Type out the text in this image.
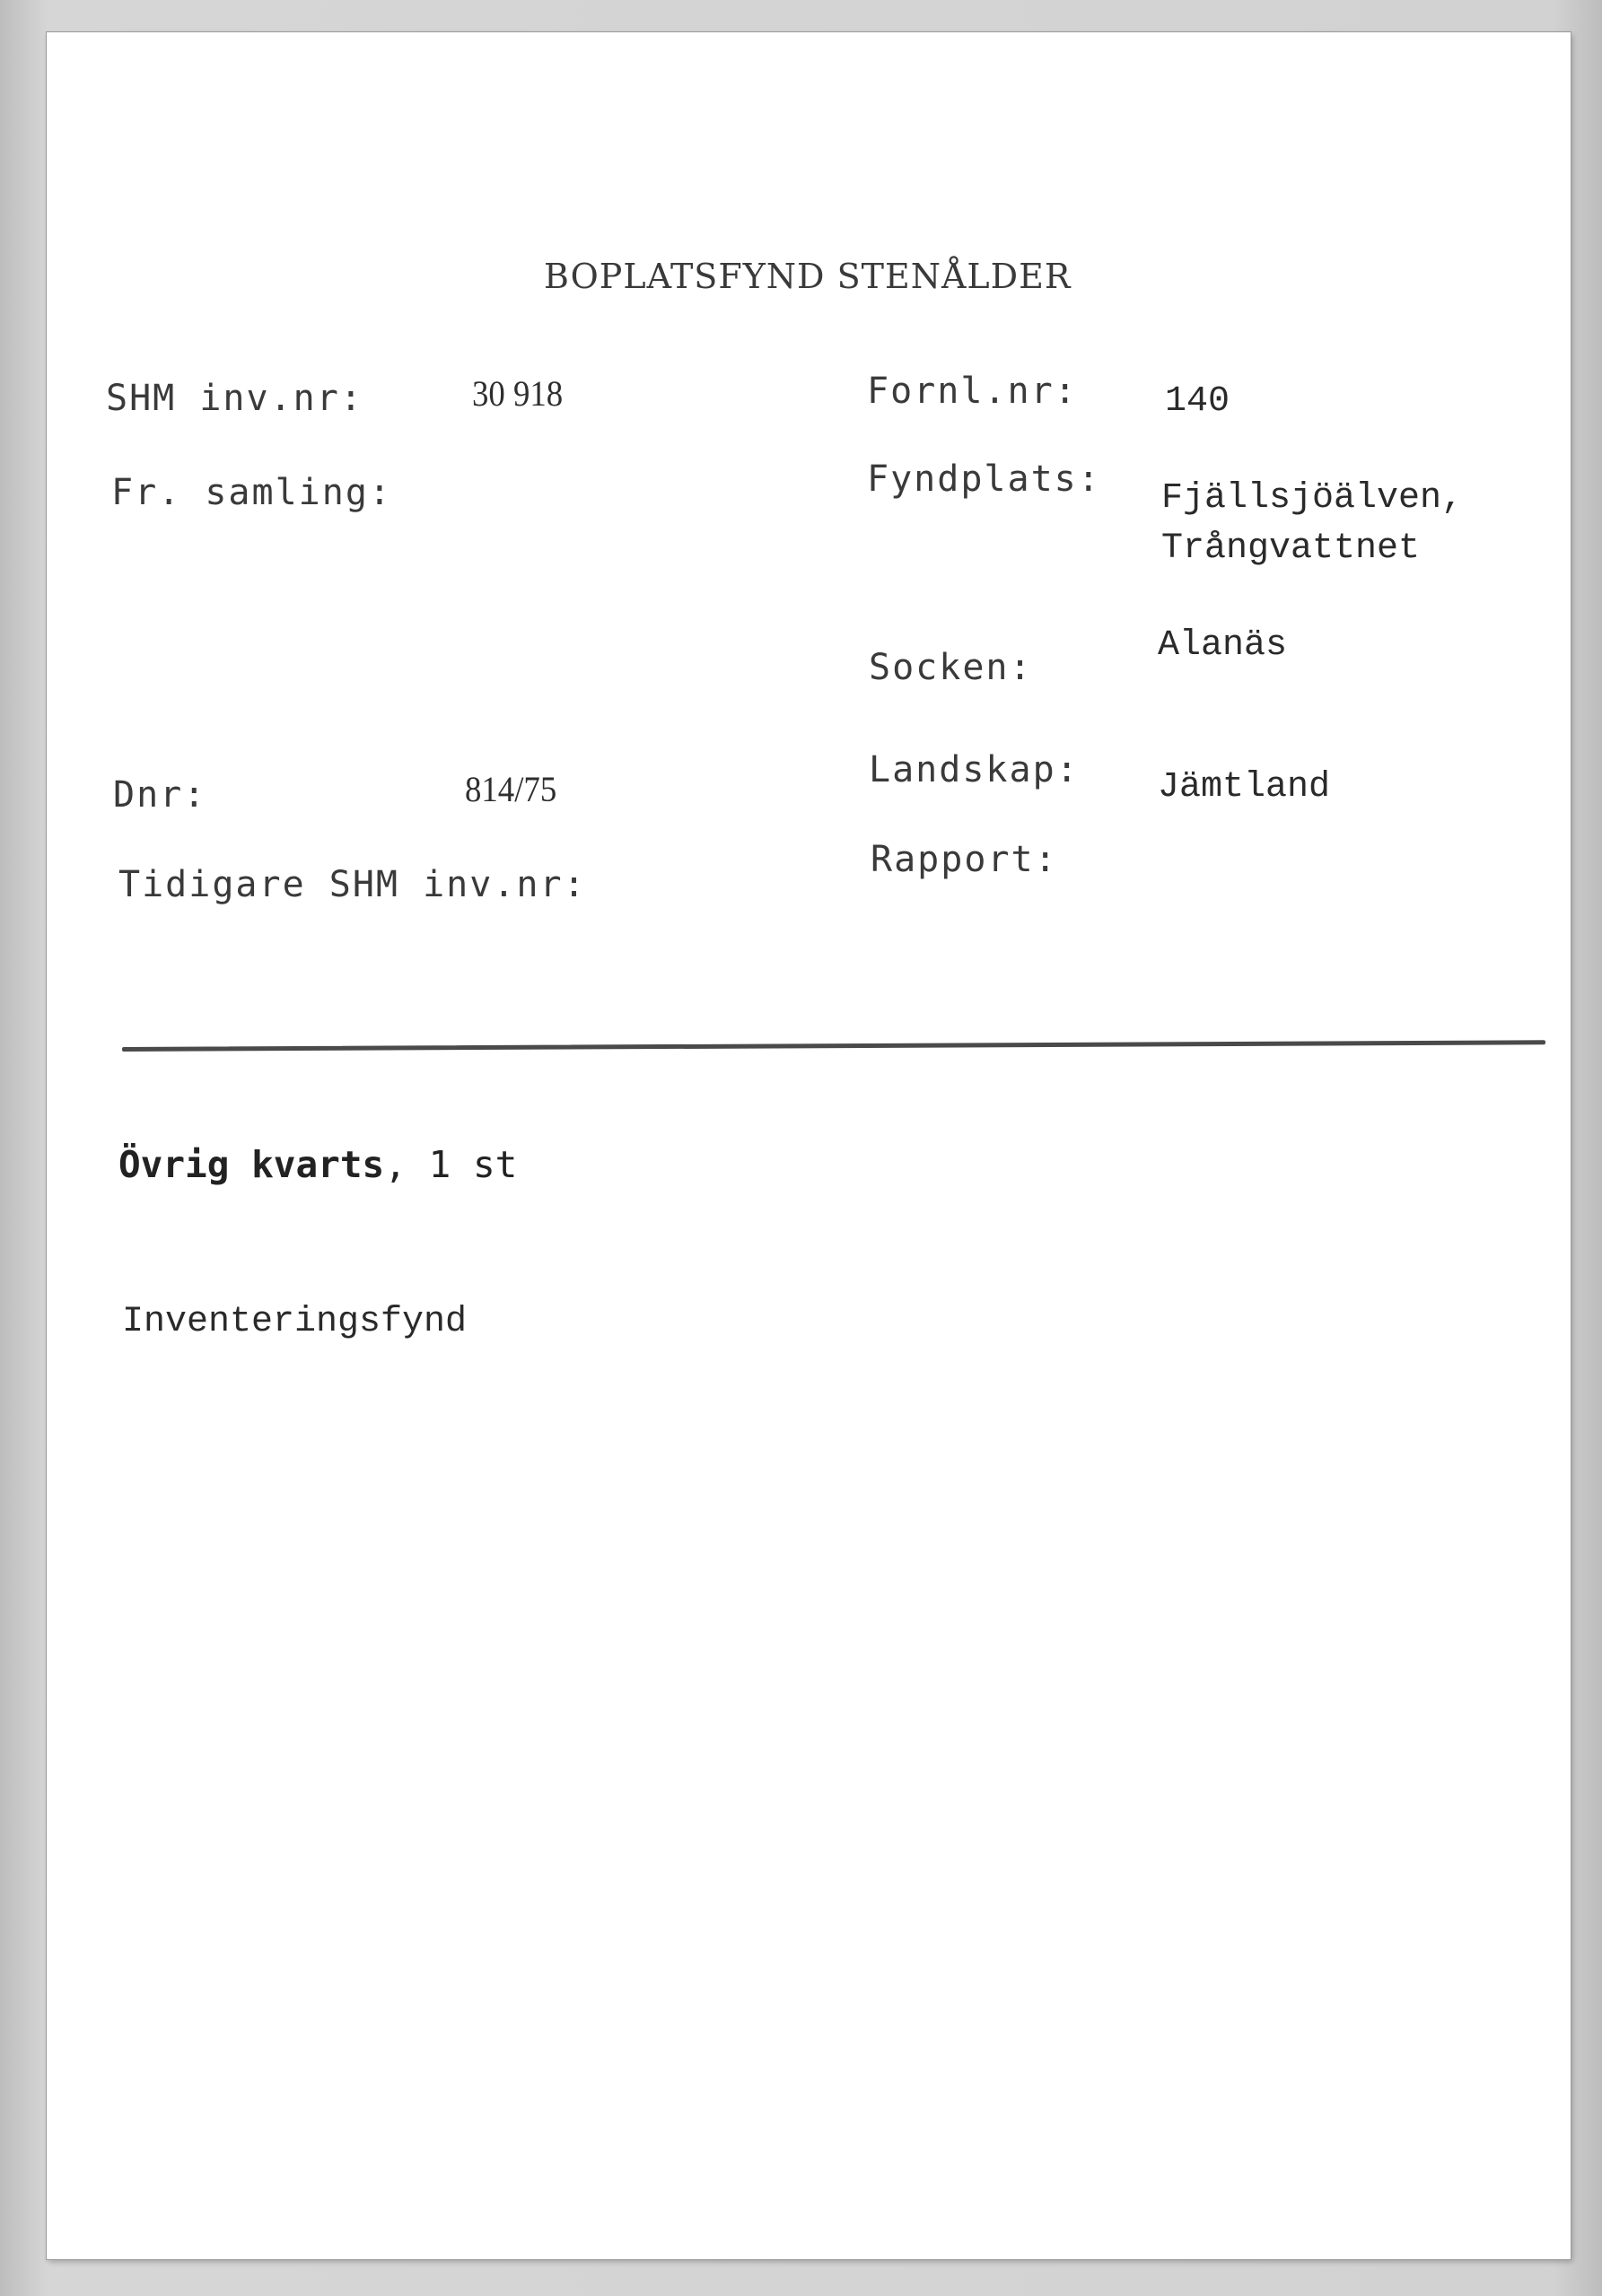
BOPLATSFYND STENÅLDER
SHM inv.nr:	30 918
Fr. samling:
Dnr:	814/75
Tidigare SHM inv.nr:
Fornl.nr: 140
Fyndplats: Fjällsjöälven,
Trångvattnet
Socken:
Alanäs
Landskap: Jämtland
Rapport:
Övrig kvarts, 1 st
Inventeringsfynd
